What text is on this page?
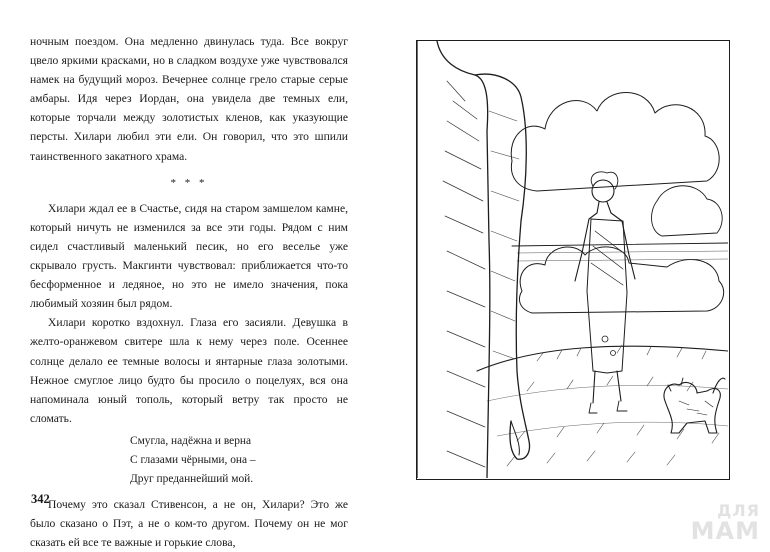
ночным поездом. Она медленно двинулась туда. Все вокруг цвело яркими красками, но в сладком воздухе уже чувствовался намек на будущий мороз. Вечернее солнце грело старые серые амбары. Идя через Иордан, она увидела две темных ели, которые торчали между золотистых кленов, как указующие персты. Хилари любил эти ели. Он говорил, что это шпили таинственного закатного храма.

* * *

Хилари ждал ее в Счастье, сидя на старом замшелом камне, который ничуть не изменился за все эти годы. Рядом с ним сидел счастливый маленький песик, но его веселье уже скрывало грусть. Макгинти чувствовал: приближается что-то бесформенное и ледяное, но это не имело значения, пока любимый хозяин был рядом.

Хилари коротко вздохнул. Глаза его засияли. Девушка в желто-оранжевом свитере шла к нему через поле. Осеннее солнце делало ее темные волосы и янтарные глаза золотыми. Нежное смуглое лицо будто бы просило о поцелуях, вся она напоминала юный тополь, который ветру так просто не сломать.

Смугла, надёжна и верна
С глазами чёрными, она –
Друг преданнейший мой.

Почему это сказал Стивенсон, а не он, Хилари? Это же было сказано о Пэт, а не о ком-то другом. Почему он не мог сказать ей все те важные и горькие слова,

342
ДЛЯ
МАМ
